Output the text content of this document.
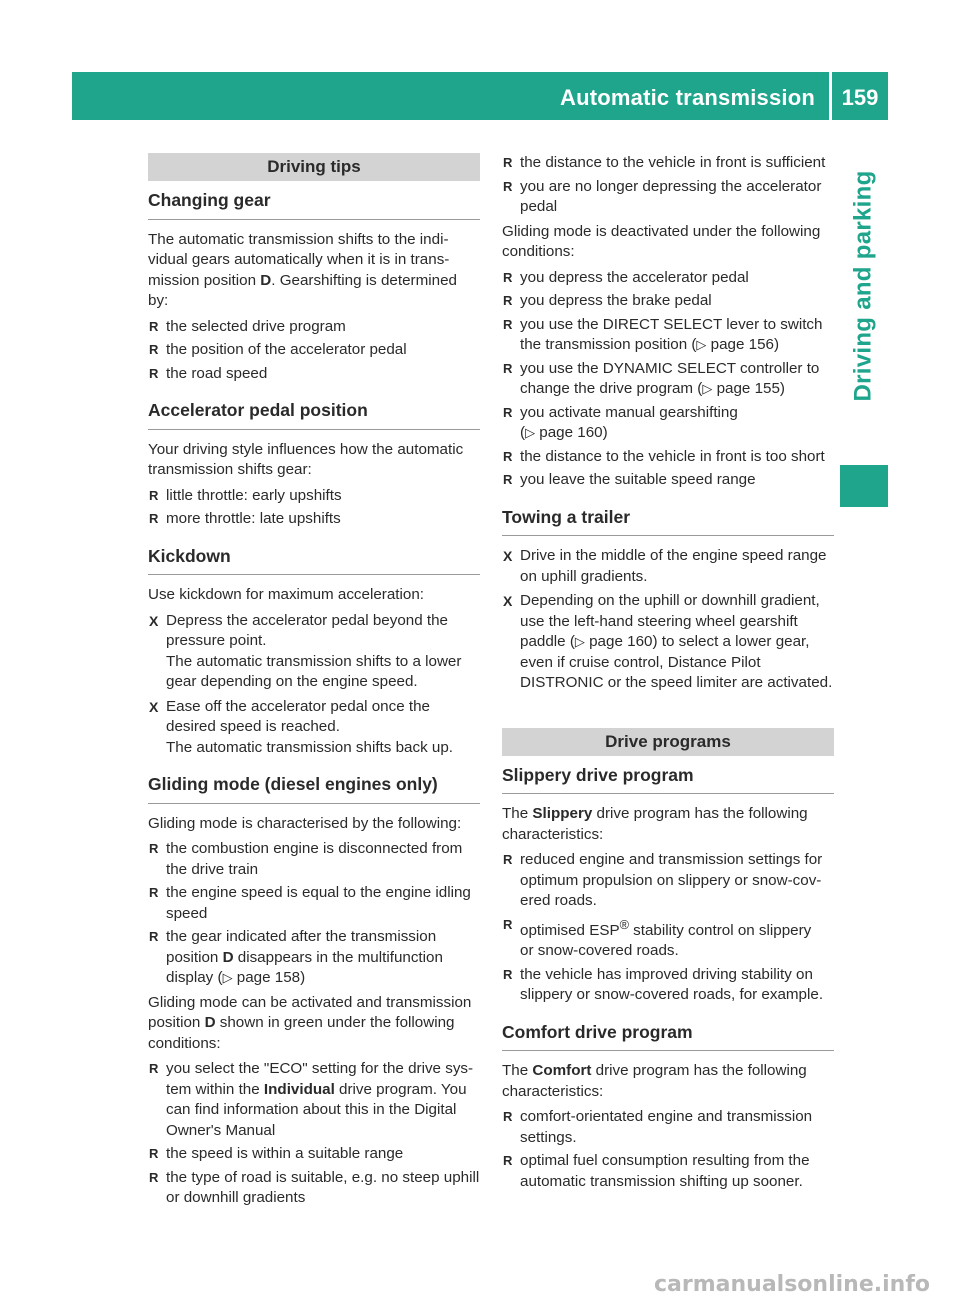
Automatic transmission	159
Driving and parking
Driving tips
Changing gear

The automatic transmission shifts to the indi-
vidual gears automatically when it is in trans-
mission position D. Gearshifting is determined
by:

R the selected drive program
R the position of the accelerator pedal
R the road speed
Accelerator pedal position

Your driving style influences how the automatic
transmission shifts gear:

R little throttle: early upshifts
R more throttle: late upshifts
Kickdown

Use kickdown for maximum acceleration:

X Depress the accelerator pedal beyond the
pressure point.
The automatic transmission shifts to a lower
gear depending on the engine speed.
X Ease off the accelerator pedal once the
desired speed is reached.
The automatic transmission shifts back up.
Gliding mode (diesel engines only)

Gliding mode is characterised by the following:

R the combustion engine is disconnected from
the drive train
R the engine speed is equal to the engine idling
speed
R the gear indicated after the transmission
position D disappears in the multifunction
display (▷ page 158)

Gliding mode can be activated and transmission
position D shown in green under the following
conditions:

R you select the "ECO" setting for the drive sys-
tem within the Individual drive program. You
can find information about this in the Digital
Owner's Manual
R the speed is within a suitable range
R the type of road is suitable, e.g. no steep uphill
or downhill gradients
R the distance to the vehicle in front is sufficient
R you are no longer depressing the accelerator
pedal

Gliding mode is deactivated under the following
conditions:

R you depress the accelerator pedal
R you depress the brake pedal
R you use the DIRECT SELECT lever to switch
the transmission position (▷ page 156)
R you use the DYNAMIC SELECT controller to
change the drive program (▷ page 155)
R you activate manual gearshifting
(▷ page 160)
R the distance to the vehicle in front is too short
R you leave the suitable speed range
Towing a trailer
X Drive in the middle of the engine speed range
on uphill gradients.
X Depending on the uphill or downhill gradient,
use the left-hand steering wheel gearshift
paddle (▷ page 160) to select a lower gear,
even if cruise control, Distance Pilot
DISTRONIC or the speed limiter are activated.
Drive programs
Slippery drive program

The Slippery drive program has the following
characteristics:

R reduced engine and transmission settings for
optimum propulsion on slippery or snow-cov-
ered roads.
R optimised ESP® stability control on slippery
or snow-covered roads.
R the vehicle has improved driving stability on
slippery or snow-covered roads, for example.
Comfort drive program

The Comfort drive program has the following
characteristics:

R comfort-orientated engine and transmission
settings.
R optimal fuel consumption resulting from the
automatic transmission shifting up sooner.
carmanualsonline.info
